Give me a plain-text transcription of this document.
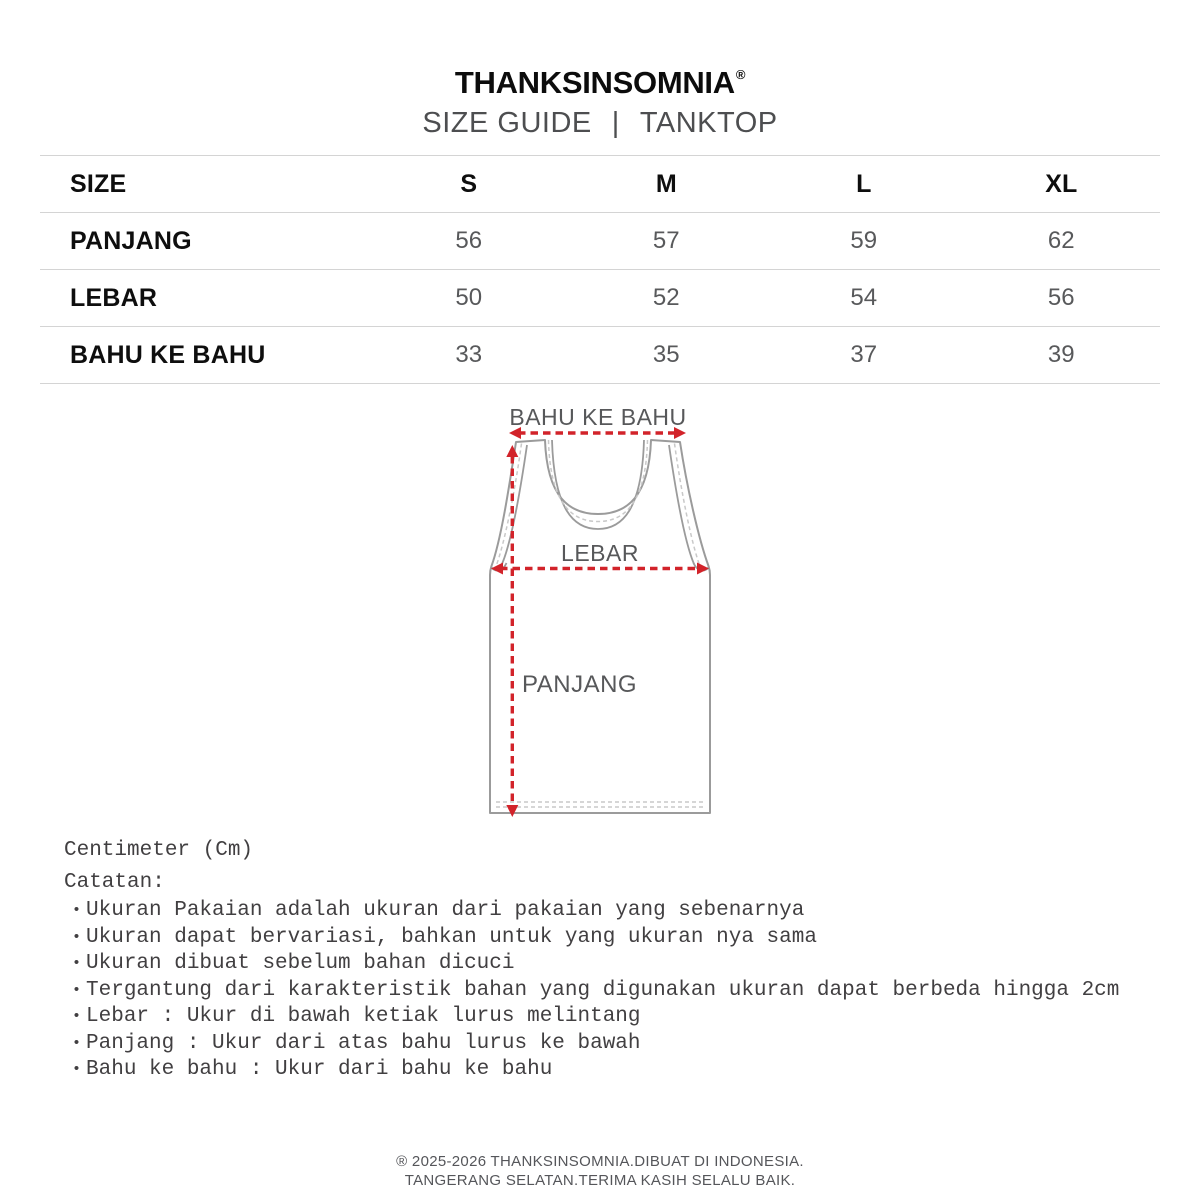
THANKSINSOMNIA®
SIZE GUIDE | TANKTOP
SIZE	S	M	L	XL
PANJANG	56	57	59	62
LEBAR	50	52	54	56
BAHU KE BAHU	33	35	37	39
BAHU KE BAHU
LEBAR
PANJANG

Centimeter (Cm)

Catatan:

• Ukuran Pakaian adalah ukuran dari pakaian yang sebenarnya
• Ukuran dapat bervariasi, bahkan untuk yang ukuran nya sama
• Ukuran dibuat sebelum bahan dicuci
• Tergantung dari karakteristik bahan yang digunakan ukuran dapat berbeda hingga 2cm
• Lebar : Ukur di bawah ketiak lurus melintang
• Panjang : Ukur dari atas bahu lurus ke bawah
• Bahu ke bahu : Ukur dari bahu ke bahu

® 2025-2026 THANKSINSOMNIA.DIBUAT DI INDONESIA.

TANGERANG SELATAN.TERIMA KASIH SELALU BAIK.
